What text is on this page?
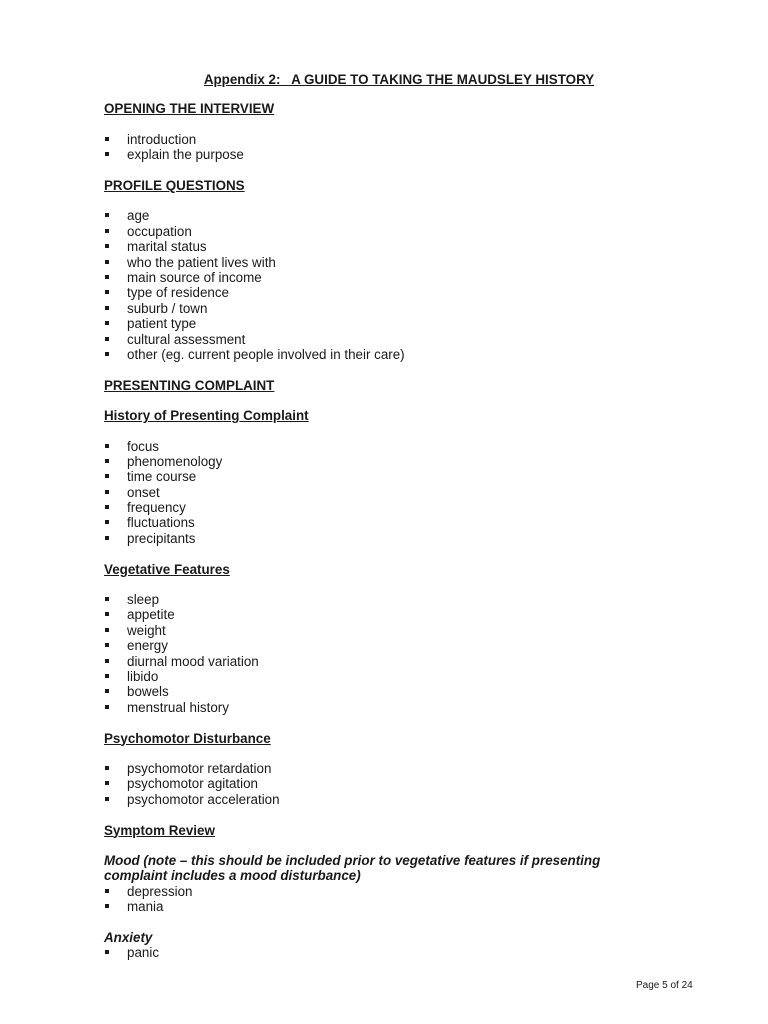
Appendix 2:   A GUIDE TO TAKING THE MAUDSLEY HISTORY
OPENING THE INTERVIEW
introduction
explain the purpose
PROFILE QUESTIONS
age
occupation
marital status
who the patient lives with
main source of income
type of residence
suburb / town
patient type
cultural assessment
other (eg. current people involved in their care)
PRESENTING COMPLAINT
History of Presenting Complaint
focus
phenomenology
time course
onset
frequency
fluctuations
precipitants
Vegetative Features
sleep
appetite
weight
energy
diurnal mood variation
libido
bowels
menstrual history
Psychomotor Disturbance
psychomotor retardation
psychomotor agitation
psychomotor acceleration
Symptom Review
Mood (note – this should be included prior to vegetative features if presenting complaint includes a mood disturbance)
depression
mania
Anxiety
panic
Page 5 of 24
